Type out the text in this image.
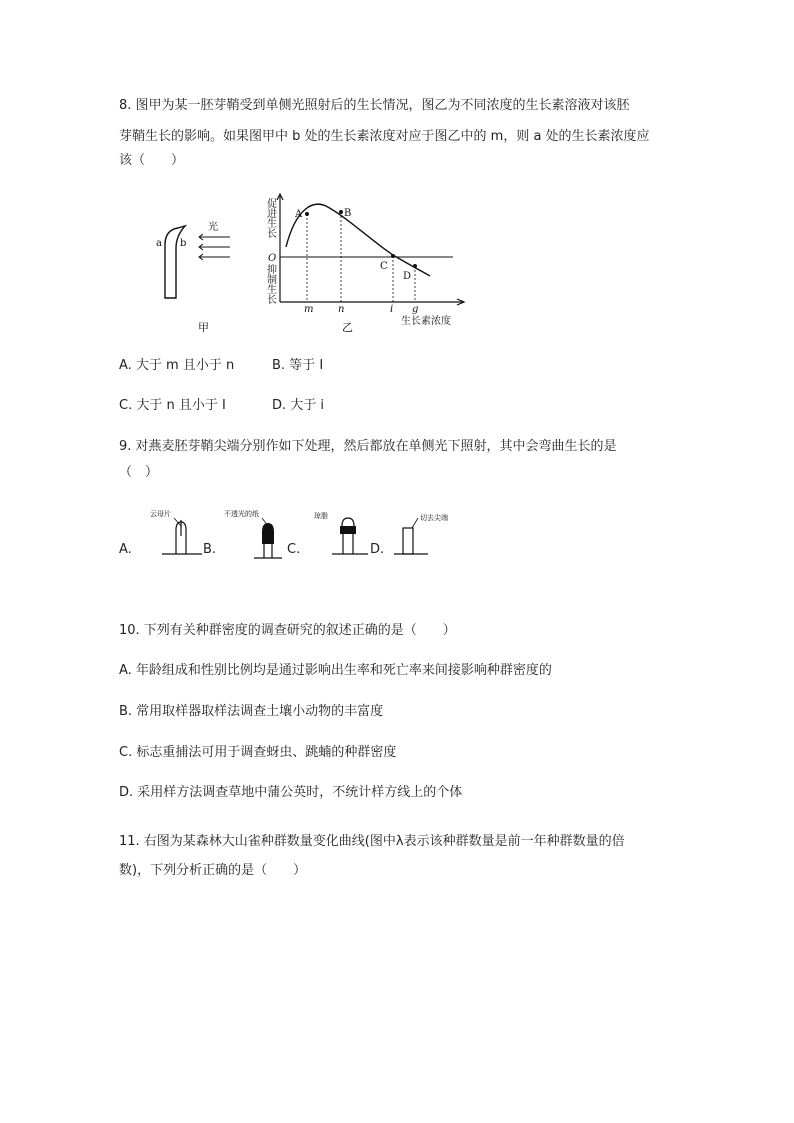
8. 图甲为某一胚芽鞘受到单侧光照射后的生长情况，图乙为不同浓度的生长素溶液对该胚
芽鞘生长的影响。如果图甲中 b 处的生长素浓度对应于图乙中的 m，则 a 处的生长素浓度应
该（　　）
a b
光
甲
A	B
C
D
m n	i g
O
促进生长
抑制生长
生长素浓度
乙
A. 大于 m 且小于 n	B. 等于 I
C. 大于 n 且小于 I	D. 大于 i
9. 对燕麦胚芽鞘尖端分别作如下处理，然后都放在单侧光下照射，其中会弯曲生长的是
（　）
A.	B.	C.	D.
云母片	不透光的纸	琼脂	切去尖端
10. 下列有关种群密度的调查研究的叙述正确的是（　　）
A. 年龄组成和性别比例均是通过影响出生率和死亡率来间接影响种群密度的
B. 常用取样器取样法调查土壤小动物的丰富度
C. 标志重捕法可用于调查蚜虫、跳蝻的种群密度
D. 采用样方法调查草地中蒲公英时，不统计样方线上的个体
11. 右图为某森林大山雀种群数量变化曲线(图中λ表示该种群数量是前一年种群数量的倍
数)，下列分析正确的是（　　）
